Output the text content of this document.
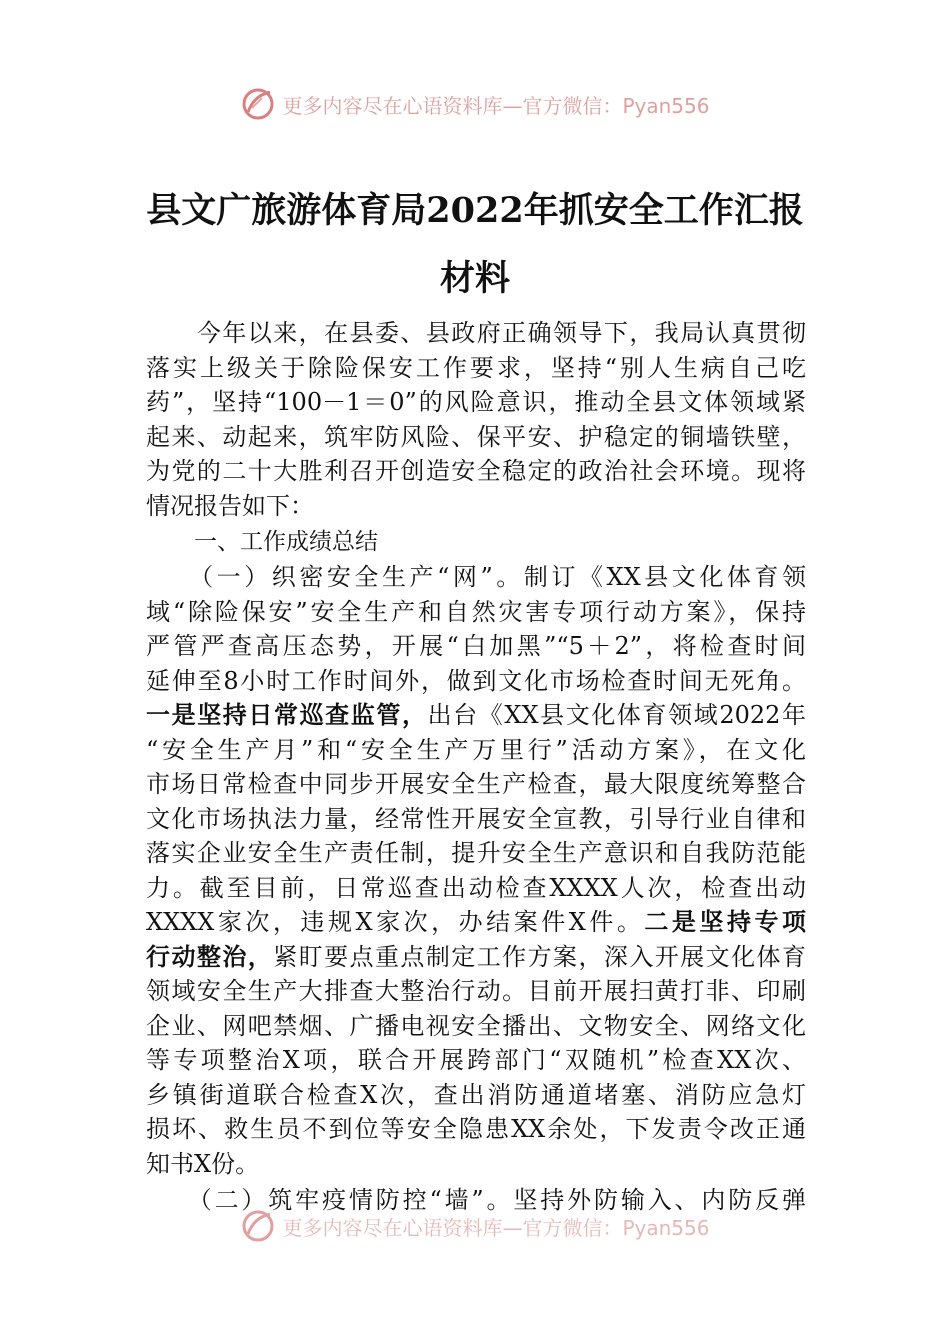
更多内容尽在心语资料库—官方微信：Pyan556
县文广旅游体育局2022年抓安全工作汇报
材料
　　今年以来，在县委、县政府正确领导下，我局认真贯彻
落实上级关于除险保安工作要求，坚持“别人生病自己吃
药”，坚持“100－1＝0”的风险意识，推动全县文体领域紧
起来、动起来，筑牢防风险、保平安、护稳定的铜墙铁壁，
为党的二十大胜利召开创造安全稳定的政治社会环境。现将
情况报告如下：
一、工作成绩总结
　　（一）织密安全生产“网”。制订《XX县文化体育领
域“除险保安”安全生产和自然灾害专项行动方案》，保持
严管严查高压态势，开展“白加黑”“5＋2”，将检查时间
延伸至8小时工作时间外，做到文化市场检查时间无死角。
一是坚持日常巡查监管，出台《XX县文化体育领域2022年
“安全生产月”和“安全生产万里行”活动方案》，在文化
市场日常检查中同步开展安全生产检查，最大限度统筹整合
文化市场执法力量，经常性开展安全宣教，引导行业自律和
落实企业安全生产责任制，提升安全生产意识和自我防范能
力。截至目前，日常巡查出动检查XXXX人次，检查出动
XXXX家次，违规X家次，办结案件X件。二是坚持专项
行动整治，紧盯要点重点制定工作方案，深入开展文化体育
领域安全生产大排查大整治行动。目前开展扫黄打非、印刷
企业、网吧禁烟、广播电视安全播出、文物安全、网络文化
等专项整治X项，联合开展跨部门“双随机”检查XX次、
乡镇街道联合检查X次，查出消防通道堵塞、消防应急灯
损坏、救生员不到位等安全隐患XX余处，下发责令改正通
知书X份。
　　（二）筑牢疫情防控“墙”。坚持外防输入、内防反弹
更多内容尽在心语资料库—官方微信：Pyan556
